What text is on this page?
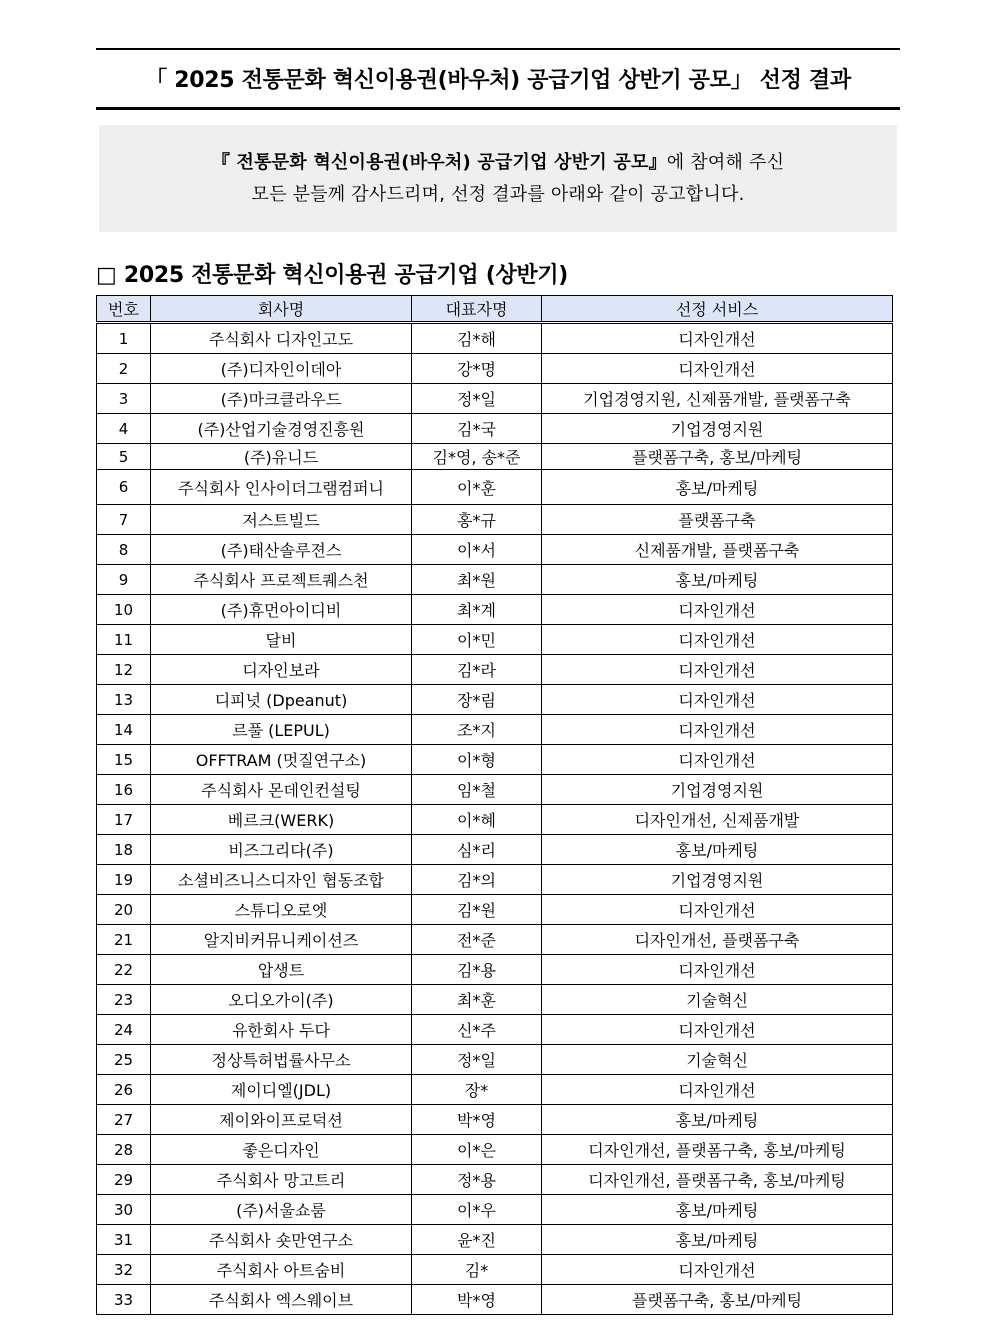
「 2025 전통문화 혁신이용권(바우처) 공급기업 상반기 공모」 선정 결과
『 전통문화 혁신이용권(바우처) 공급기업 상반기 공모』에 참여해 주신
모든 분들께 감사드리며, 선정 결과를 아래와 같이 공고합니다.
□ 2025 전통문화 혁신이용권 공급기업 (상반기)
번호	회사명	대표자명	선정 서비스
1	주식회사 디자인고도	김*해	디자인개선
2	(주)디자인이데아	강*명	디자인개선
3	(주)마크클라우드	정*일	기업경영지원, 신제품개발, 플랫폼구축
4	(주)산업기술경영진흥원	김*국	기업경영지원
5	(주)유니드	김*영, 송*준	플랫폼구축, 홍보/마케팅
6	주식회사 인사이더그램컴퍼니	이*훈	홍보/마케팅
7	저스트빌드	홍*규	플랫폼구축
8	(주)태산솔루젼스	이*서	신제품개발, 플랫폼구축
9	주식회사 프로젝트퀘스천	최*원	홍보/마케팅
10	(주)휴먼아이디비	최*계	디자인개선
11	달비	이*민	디자인개선
12	디자인보라	김*라	디자인개선
13	디피넛 (Dpeanut)	장*림	디자인개선
14	르풀 (LEPUL)	조*지	디자인개선
15	OFFTRAM (멋질연구소)	이*형	디자인개선
16	주식회사 몬데인컨설팅	임*철	기업경영지원
17	베르크(WERK)	이*혜	디자인개선, 신제품개발
18	비즈그리다(주)	심*리	홍보/마케팅
19	소셜비즈니스디자인 협동조합	김*의	기업경영지원
20	스튜디오로엣	김*원	디자인개선
21	알지비커뮤니케이션즈	전*준	디자인개선, 플랫폼구축
22	압생트	김*용	디자인개선
23	오디오가이(주)	최*훈	기술혁신
24	유한회사 두다	신*주	디자인개선
25	정상특허법률사무소	정*일	기술혁신
26	제이디엘(JDL)	장*	디자인개선
27	제이와이프로덕션	박*영	홍보/마케팅
28	좋은디자인	이*은	디자인개선, 플랫폼구축, 홍보/마케팅
29	주식회사 망고트리	정*용	디자인개선, 플랫폼구축, 홍보/마케팅
30	(주)서울쇼룸	이*우	홍보/마케팅
31	주식회사 숏만연구소	윤*진	홍보/마케팅
32	주식회사 아트숨비	김*	디자인개선
33	주식회사 엑스웨이브	박*영	플랫폼구축, 홍보/마케팅
